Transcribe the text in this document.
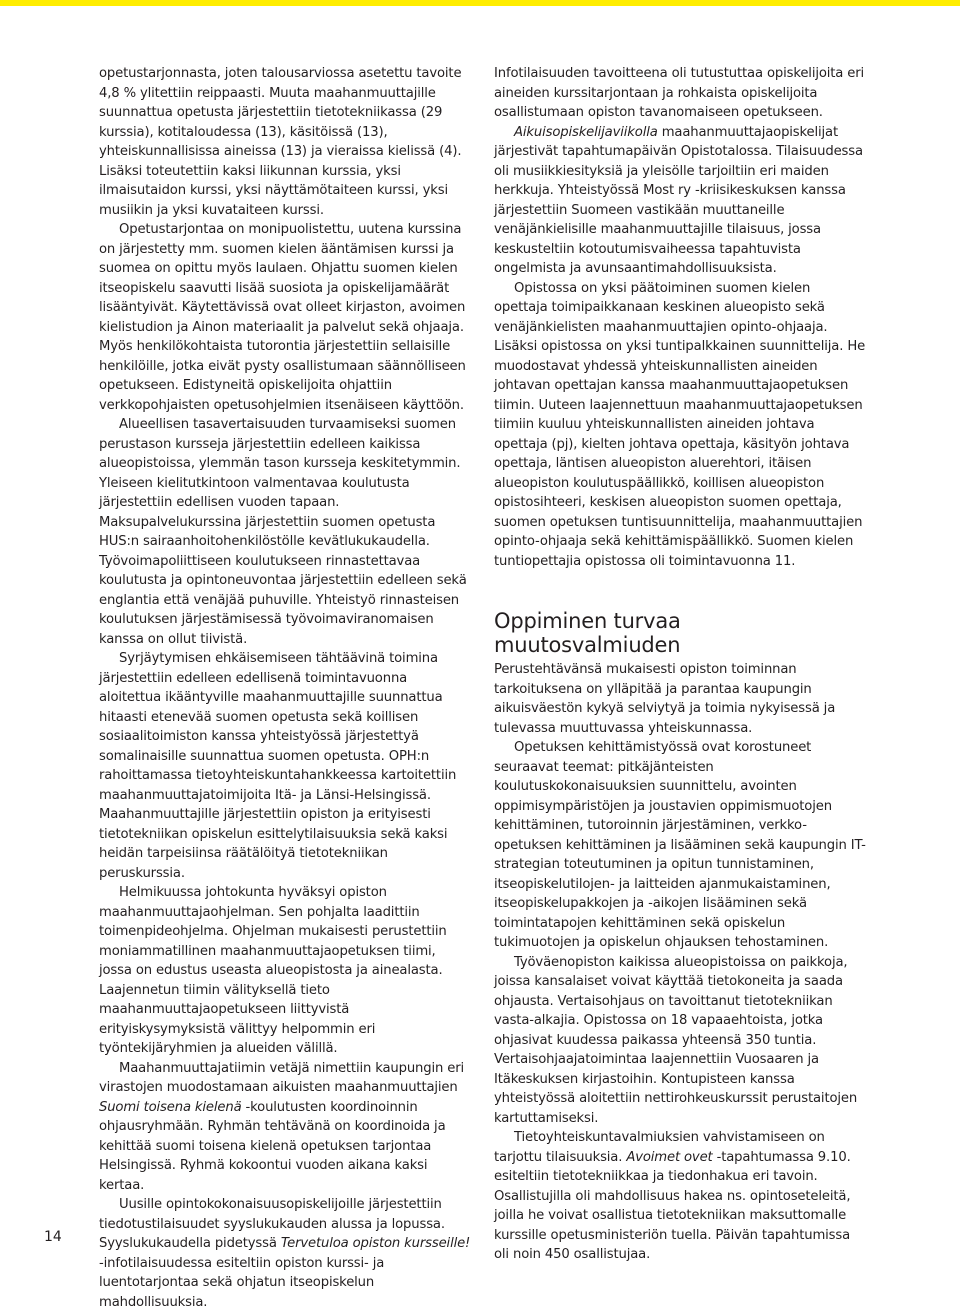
opetustarjonnasta, joten talousarviossa asetettu tavoite 4,8 % ylitettiin reippaasti. Muuta maahanmuuttajille suunnattua opetusta järjestettiin tietotekniikassa (29 kurssia), kotitaloudessa (13), käsitöissä (13), yhteiskunnallisissa aineissa (13) ja vieraissa kielissä (4). Lisäksi toteutettiin kaksi liikunnan kurssia, yksi ilmaisutaidon kurssi, yksi näyttämötaiteen kurssi, yksi musiikin ja yksi kuvataiteen kurssi.

Opetustarjontaa on monipuolistettu, uutena kurssina on järjestetty mm. suomen kielen ääntämisen kurssi ja suomea on opittu myös laulaen. Ohjattu suomen kielen itseopiskelu saavutti lisää suosiota ja opiskelijamäärät lisääntyivät. Käytettävissä ovat olleet kirjaston, avoimen kielistudion ja Ainon materiaalit ja palvelut sekä ohjaaja. Myös henkilökohtaista tutorontia järjestettiin sellaisille henkilöille, jotka eivät pysty osallistumaan säännölliseen opetukseen. Edistyneitä opiskelijoita ohjattiin verkkopohjaisten opetusohjelmien itsenäiseen käyttöön.

Alueellisen tasavertaisuuden turvaamiseksi suomen perustason kursseja järjestettiin edelleen kaikissa alueopistoissa, ylemmän tason kursseja keskitetymmin. Yleiseen kielitutkintoon valmentavaa koulutusta järjestettiin edellisen vuoden tapaan. Maksupalvelukurssina järjestettiin suomen opetusta HUS:n sairaanhoitohenkilöstölle kevätlukukaudella. Työvoimapoliittiseen koulutukseen rinnastettavaa koulutusta ja opintoneuvontaa järjestettiin edelleen sekä englantia että venäjää puhuville. Yhteistyö rinnasteisen koulutuksen järjestämisessä työvoimaviranomaisen kanssa on ollut tiivistä.

Syrjäytymisen ehkäisemiseen tähtäävinä toimina järjestettiin edelleen edellisenä toimintavuonna aloitettua ikääntyville maahanmuuttajille suunnattua hitaasti etenevää suomen opetusta sekä koillisen sosiaalitoimiston kanssa yhteistyössä järjestettyä somalinaisille suunnattua suomen opetusta. OPH:n rahoittamassa tietoyhteiskuntahankkeessa kartoitettiin maahanmuuttajatoimijoita Itä- ja Länsi-Helsingissä. Maahanmuuttajille järjestettiin opiston ja erityisesti tietotekniikan opiskelun esittelytilaisuuksia sekä kaksi heidän tarpeisiinsa räätälöityä tietotekniikan peruskurssia.

Helmikuussa johtokunta hyväksyi opiston maahanmuuttajaohjelman. Sen pohjalta laadittiin toimenpideohjelma. Ohjelman mukaisesti perustettiin moniammatillinen maahanmuuttajaopetuksen tiimi, jossa on edustus useasta alueopistosta ja ainealasta. Laajennetun tiimin välityksellä tieto maahanmuuttajaopetukseen liittyvistä erityiskysymyksistä välittyy helpommin eri työntekijäryhmien ja alueiden välillä.

Maahanmuuttajatiimin vetäjä nimettiin kaupungin eri virastojen muodostamaan aikuisten maahanmuuttajien Suomi toisena kielenä -koulutusten koordinoinnin ohjausryhmään. Ryhmän tehtävänä on koordinoida ja kehittää suomi toisena kielenä opetuksen tarjontaa Helsingissä. Ryhmä kokoontui vuoden aikana kaksi kertaa.

Uusille opintokokonaisuusopiskelijoille järjestettiin tiedotustilaisuudet syyslukukauden alussa ja lopussa. Syyslukukaudella pidetyssä Tervetuloa opiston kursseille! -infotilaisuudessa esiteltiin opiston kurssi- ja luentotarjontaa sekä ohjatun itseopiskelun mahdollisuuksia.

Infotilaisuuden tavoitteena oli tutustuttaa opiskelijoita eri aineiden kurssitarjontaan ja rohkaista opiskelijoita osallistumaan opiston tavanomaiseen opetukseen.

Aikuisopiskelijaviikolla maahanmuuttajaopiskelijat järjestivät tapahtumapäivän Opistotalossa. Tilaisuudessa oli musiikkiesityksiä ja yleisölle tarjoiltiin eri maiden herkkuja. Yhteistyössä Most ry -kriisikeskuksen kanssa järjestettiin Suomeen vastikään muuttaneille venäjänkielisille maahanmuuttajille tilaisuus, jossa keskusteltiin kotoutumisvaiheessa tapahtuvista ongelmista ja avunsaantimahdollisuuksista.

Opistossa on yksi päätoiminen suomen kielen opettaja toimipaikkanaan keskinen alueopisto sekä venäjänkielisten maahanmuuttajien opinto-ohjaaja. Lisäksi opistossa on yksi tuntipalkkainen suunnittelija. He muodostavat yhdessä yhteiskunnallisten aineiden johtavan opettajan kanssa maahanmuuttajaopetuksen tiimin. Uuteen laajennettuun maahanmuuttajaopetuksen tiimiin kuuluu yhteiskunnallisten aineiden johtava opettaja (pj), kielten johtava opettaja, käsityön johtava opettaja, läntisen alueopiston aluerehtori, itäisen alueopiston koulutuspäällikkö, koillisen alueopiston opistosihteeri, keskisen alueopiston suomen opettaja, suomen opetuksen tuntisuunnittelija, maahanmuuttajien opinto-ohjaaja sekä kehittämispäällikkö. Suomen kielen tuntiopettajia opistossa oli toimintavuonna 11.

Oppiminen turvaa muutosvalmiuden

Perustehtävänsä mukaisesti opiston toiminnan tarkoituksena on ylläpitää ja parantaa kaupungin aikuisväestön kykyä selviytyä ja toimia nykyisessä ja tulevassa muuttuvassa yhteiskunnassa.

Opetuksen kehittämistyössä ovat korostuneet seuraavat teemat: pitkäjänteisten koulutuskokonaisuuksien suunnittelu, avointen oppimisympäristöjen ja joustavien oppimismuotojen kehittäminen, tutoroinnin järjestäminen, verkko-opetuksen kehittäminen ja lisääminen sekä kaupungin IT-strategian toteutuminen ja opitun tunnistaminen, itseopiskelutilojen- ja laitteiden ajanmukaistaminen, itseopiskelupakkojen ja -aikojen lisääminen sekä toimintatapojen kehittäminen sekä opiskelun tukimuotojen ja opiskelun ohjauksen tehostaminen.

Työväenopiston kaikissa alueopistoissa on paikkoja, joissa kansalaiset voivat käyttää tietokoneita ja saada ohjausta. Vertaisohjaus on tavoittanut tietotekniikan vasta-alkajia. Opistossa on 18 vapaaehtoista, jotka ohjasivat kuudessa paikassa yhteensä 350 tuntia. Vertaisohjaajatoimintaa laajennettiin Vuosaaren ja Itäkeskuksen kirjastoihin. Kontupisteen kanssa yhteistyössä aloitettiin nettirohkeuskurssit perustaitojen kartuttamiseksi.

Tietoyhteiskuntavalmiuksien vahvistamiseen on tarjottu tilaisuuksia. Avoimet ovet -tapahtumassa 9.10. esiteltiin tietotekniikkaa ja tiedonhakua eri tavoin. Osallistujilla oli mahdollisuus hakea ns. opintoseteleitä, joilla he voivat osallistua tietotekniikan maksuttomalle kurssille opetusministeriön tuella. Päivän tapahtumissa oli noin 450 osallistujaa.

14
